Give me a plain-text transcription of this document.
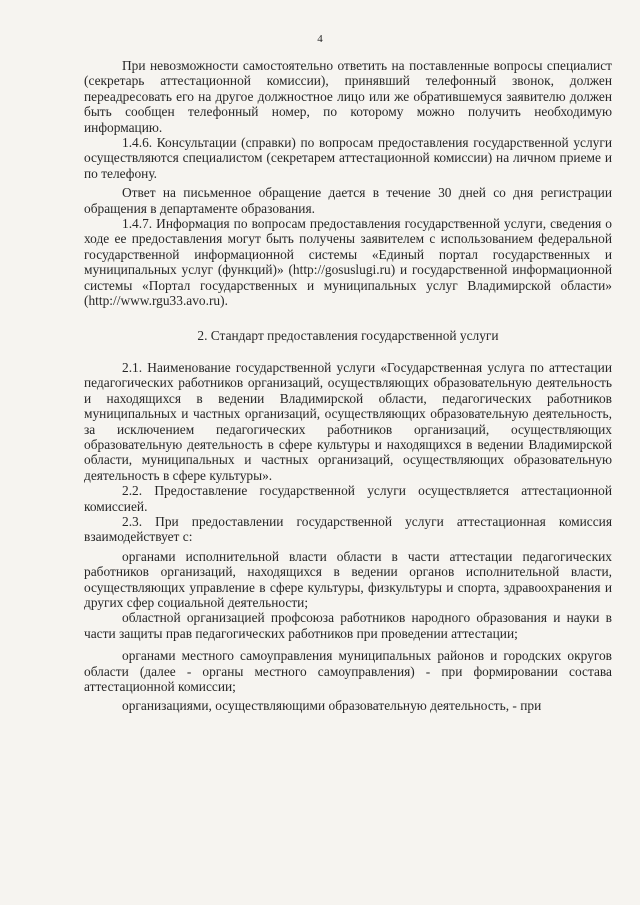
4

При невозможности самостоятельно ответить на поставленные вопросы специалист (секретарь аттестационной комиссии), принявший телефонный звонок, должен переадресовать его на другое должностное лицо или же обратившемуся заявителю должен быть сообщен телефонный номер, по которому можно получить необходимую информацию.

1.4.6. Консультации (справки) по вопросам предоставления государственной услуги осуществляются специалистом (секретарем аттестационной комиссии) на личном приеме и по телефону.

Ответ на письменное обращение дается в течение 30 дней со дня регистрации обращения в департаменте образования.

1.4.7. Информация по вопросам предоставления государственной услуги, сведения о ходе ее предоставления могут быть получены заявителем с использованием федеральной государственной информационной системы «Единый портал государственных и муниципальных услуг (функций)» (http://gosuslugi.ru) и государственной информационной системы «Портал государственных и муниципальных услуг Владимирской области» (http://www.rgu33.avo.ru).

2. Стандарт предоставления государственной услуги

2.1. Наименование государственной услуги «Государственная услуга по аттестации педагогических работников организаций, осуществляющих образовательную деятельность и находящихся в ведении Владимирской области, педагогических работников муниципальных и частных организаций, осуществляющих образовательную деятельность, за исключением педагогических работников организаций, осуществляющих образовательную деятельность в сфере культуры и находящихся в ведении Владимирской области, муниципальных и частных организаций, осуществляющих образовательную деятельность в сфере культуры».

2.2. Предоставление государственной услуги осуществляется аттестационной комиссией.

2.3. При предоставлении государственной услуги аттестационная комиссия взаимодействует с:

органами исполнительной власти области в части аттестации педагогических работников организаций, находящихся в ведении органов исполнительной власти, осуществляющих управление в сфере культуры, физкультуры и спорта, здравоохранения и других сфер социальной деятельности;

областной организацией профсоюза работников народного образования и науки в части защиты прав педагогических работников при проведении аттестации;

органами местного самоуправления муниципальных районов и городских округов области (далее - органы местного самоуправления) - при формировании состава аттестационной комиссии;

организациями, осуществляющими образовательную деятельность, - при
